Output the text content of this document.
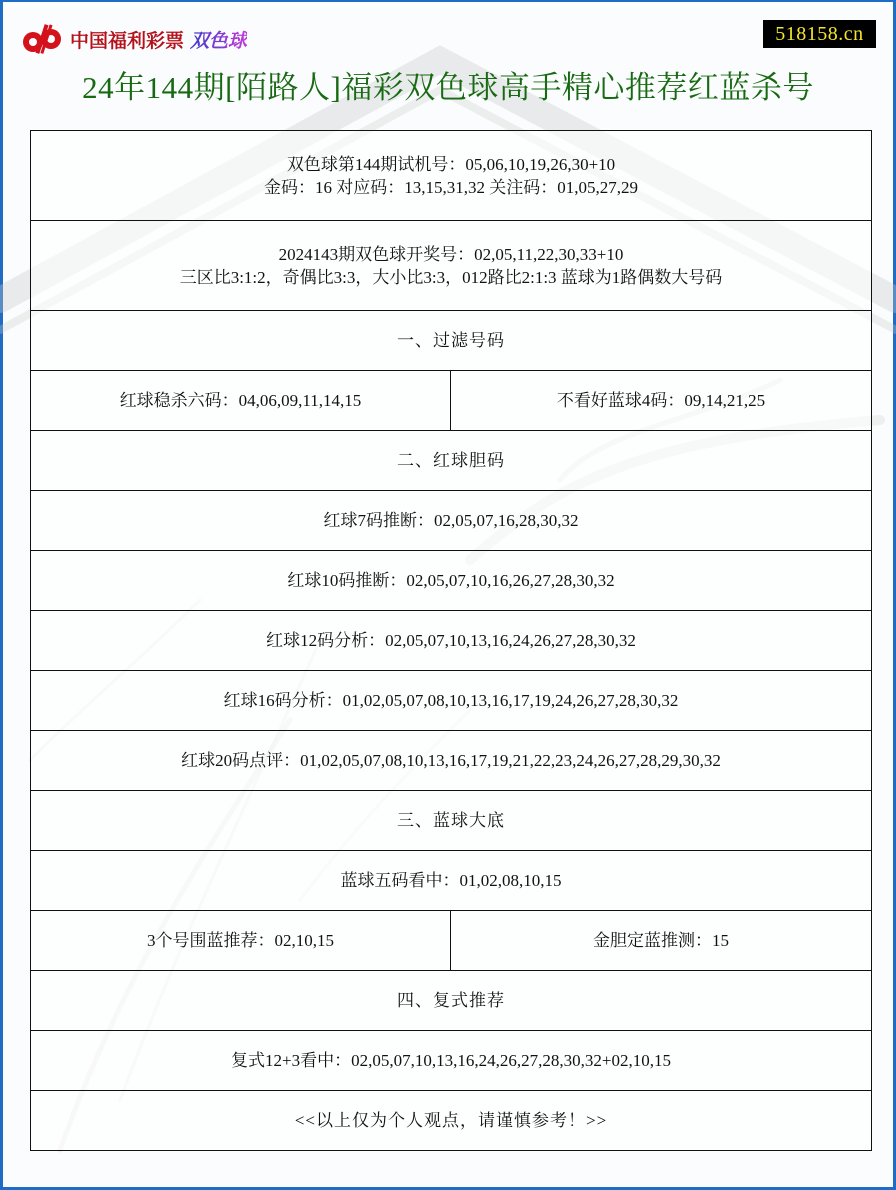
中国福利彩票 双色球	518158.cn
24年144期[陌路人]福彩双色球高手精心推荐红蓝杀号
双色球第144期试机号：05,06,10,19,26,30+10
金码：16 对应码：13,15,31,32 关注码：01,05,27,29	

2024143期双色球开奖号：02,05,11,22,30,33+10
三区比3:1:2，奇偶比3:3，大小比3:3，012路比2:1:3 蓝球为1路偶数大号码	

一、过滤号码	
红球稳杀六码：04,06,09,11,14,15	不看好蓝球4码：09,14,21,25
二、红球胆码	
红球7码推断：02,05,07,16,28,30,32	
红球10码推断：02,05,07,10,16,26,27,28,30,32	
红球12码分析：02,05,07,10,13,16,24,26,27,28,30,32	
红球16码分析：01,02,05,07,08,10,13,16,17,19,24,26,27,28,30,32	
红球20码点评：01,02,05,07,08,10,13,16,17,19,21,22,23,24,26,27,28,29,30,32	
三、蓝球大底	
蓝球五码看中：01,02,08,10,15	
3个号围蓝推荐：02,10,15	金胆定蓝推测：15
四、复式推荐	
复式12+3看中：02,05,07,10,13,16,24,26,27,28,30,32+02,10,15	
<<以上仅为个人观点，请谨慎参考！>>	
